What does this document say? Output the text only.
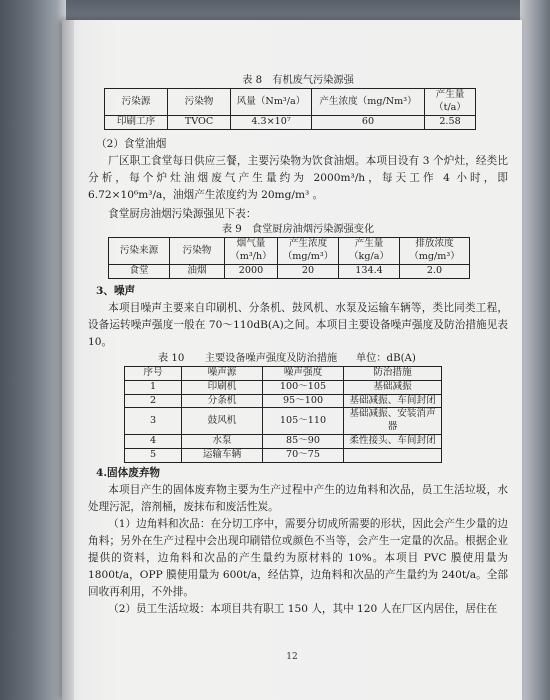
表 8　有机废气污染源强

污染源	污染物	风量（Nm³/a）	产生浓度（mg/Nm³）	产生量（t/a）
印刷工序	TVOC	4.3×10⁷	60	2.58

（2）食堂油烟

厂区职工食堂每日供应三餐，主要污染物为饮食油烟。本项目设有 3 个炉灶，经类比分析，每个炉灶油烟废气产生量约为 2000m³/h，每天工作 4 小时，即 6.72×10⁶m³/a，油烟产生浓度约为 20mg/m³ 。

食堂厨房油烟污染源强见下表：

表 9　食堂厨房油烟污染源强变化

污染来源	污染物	烟气量（m³/h）	产生浓度（mg/m³）	产生量（kg/a）	排放浓度（mg/m³）
食堂	油烟	2000	20	134.4	2.0

3、噪声

本项目噪声主要来自印刷机、分条机、鼓风机、水泵及运输车辆等，类比同类工程，设备运转噪声强度一般在 70～110dB(A)之间。本项目主要设备噪声强度及防治措施见表 10。

表 10　　主要设备噪声强度及防治措施 单位：dB(A)
序号	噪声源	噪声强度	防治措施
1	印刷机	100～105	基础减振
2	分条机	95～100	基础减振、车间封闭
3	鼓风机	105～110	基础减振、安装消声器
4	水泵	85～90	柔性接头、车间封闭
5	运输车辆	70～75	

4.固体废弃物

本项目产生的固体废弃物主要为生产过程中产生的边角料和次品，员工生活垃圾，水处理污泥，溶剂桶，废抹布和废活性炭。

（1）边角料和次品：在分切工序中，需要分切成所需要的形状，因此会产生少量的边角料；另外在生产过程中会出现印刷错位或颜色不当等，会产生一定量的次品。根据企业提供的资料，边角料和次品的产生量约为原材料的 10%。本项目 PVC 膜使用量为 1800t/a，OPP 膜使用量为 600t/a，经估算，边角料和次品的产生量约为 240t/a。全部回收再利用，不外排。

（2）员工生活垃圾：本项目共有职工 150 人，其中 120 人在厂区内居住，居住在

12
